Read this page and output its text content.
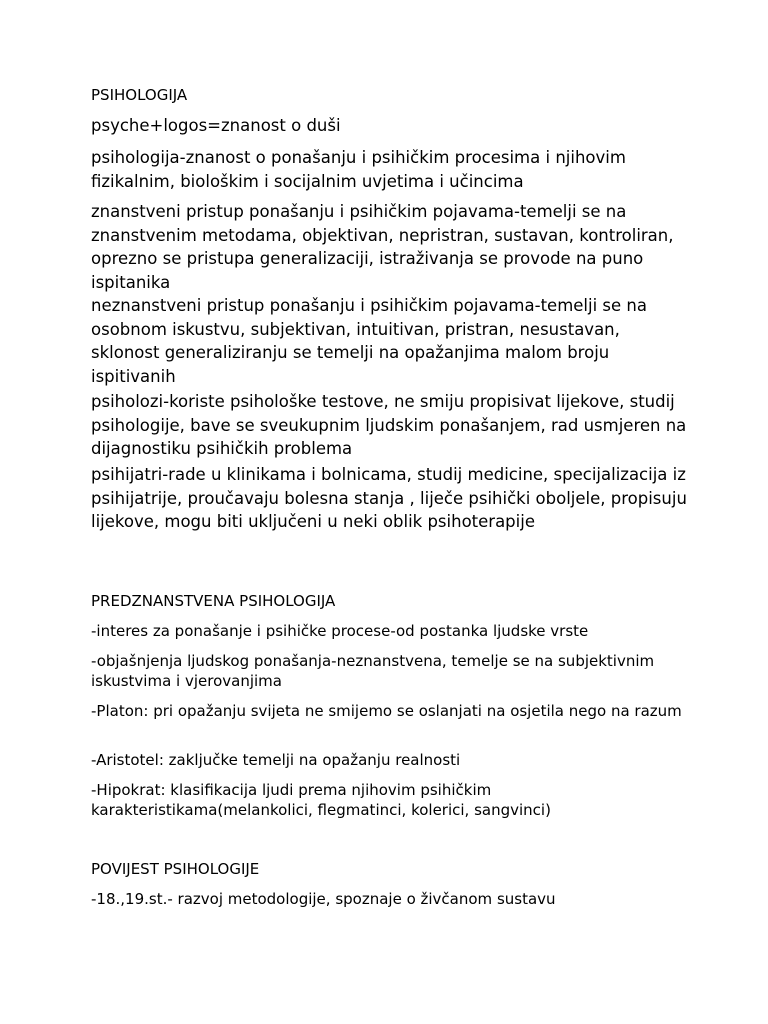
PSIHOLOGIJA

psyche+logos=znanost o duši

psihologija-znanost o ponašanju i psihičkim procesima i njihovim fizikalnim, biološkim i socijalnim uvjetima i učincima

znanstveni pristup ponašanju i psihičkim pojavama-temelji se na znanstvenim metodama, objektivan, nepristran, sustavan, kontroliran, oprezno se pristupa generalizaciji, istraživanja se provode na puno ispitanika

neznanstveni pristup ponašanju i psihičkim pojavama-temelji se na osobnom iskustvu, subjektivan, intuitivan, pristran, nesustavan, sklonost generaliziranju se temelji na opažanjima malom broju ispitivanih

psiholozi-koriste psihološke testove, ne smiju propisivat lijekove, studij psihologije, bave se sveukupnim ljudskim ponašanjem, rad usmjeren na dijagnostiku psihičkih problema

psihijatri-rade u klinikama i bolnicama, studij medicine, specijalizacija iz psihijatrije, proučavaju bolesna stanja , liječe psihički oboljele, propisuju lijekove, mogu biti uključeni u neki oblik psihoterapije

PREDZNANSTVENA PSIHOLOGIJA

-interes za ponašanje i psihičke procese-od postanka ljudske vrste

-objašnjenja ljudskog ponašanja-neznanstvena, temelje se na subjektivnim iskustvima i vjerovanjima

-Platon: pri opažanju svijeta ne smijemo se oslanjati na osjetila nego na razum

-Aristotel: zaključke temelji na opažanju realnosti

-Hipokrat: klasifikacija ljudi prema njihovim psihičkim karakteristikama(melankolici, flegmatinci, kolerici, sangvinci)

POVIJEST PSIHOLOGIJE

-18.,19.st.- razvoj metodologije, spoznaje o živčanom sustavu
